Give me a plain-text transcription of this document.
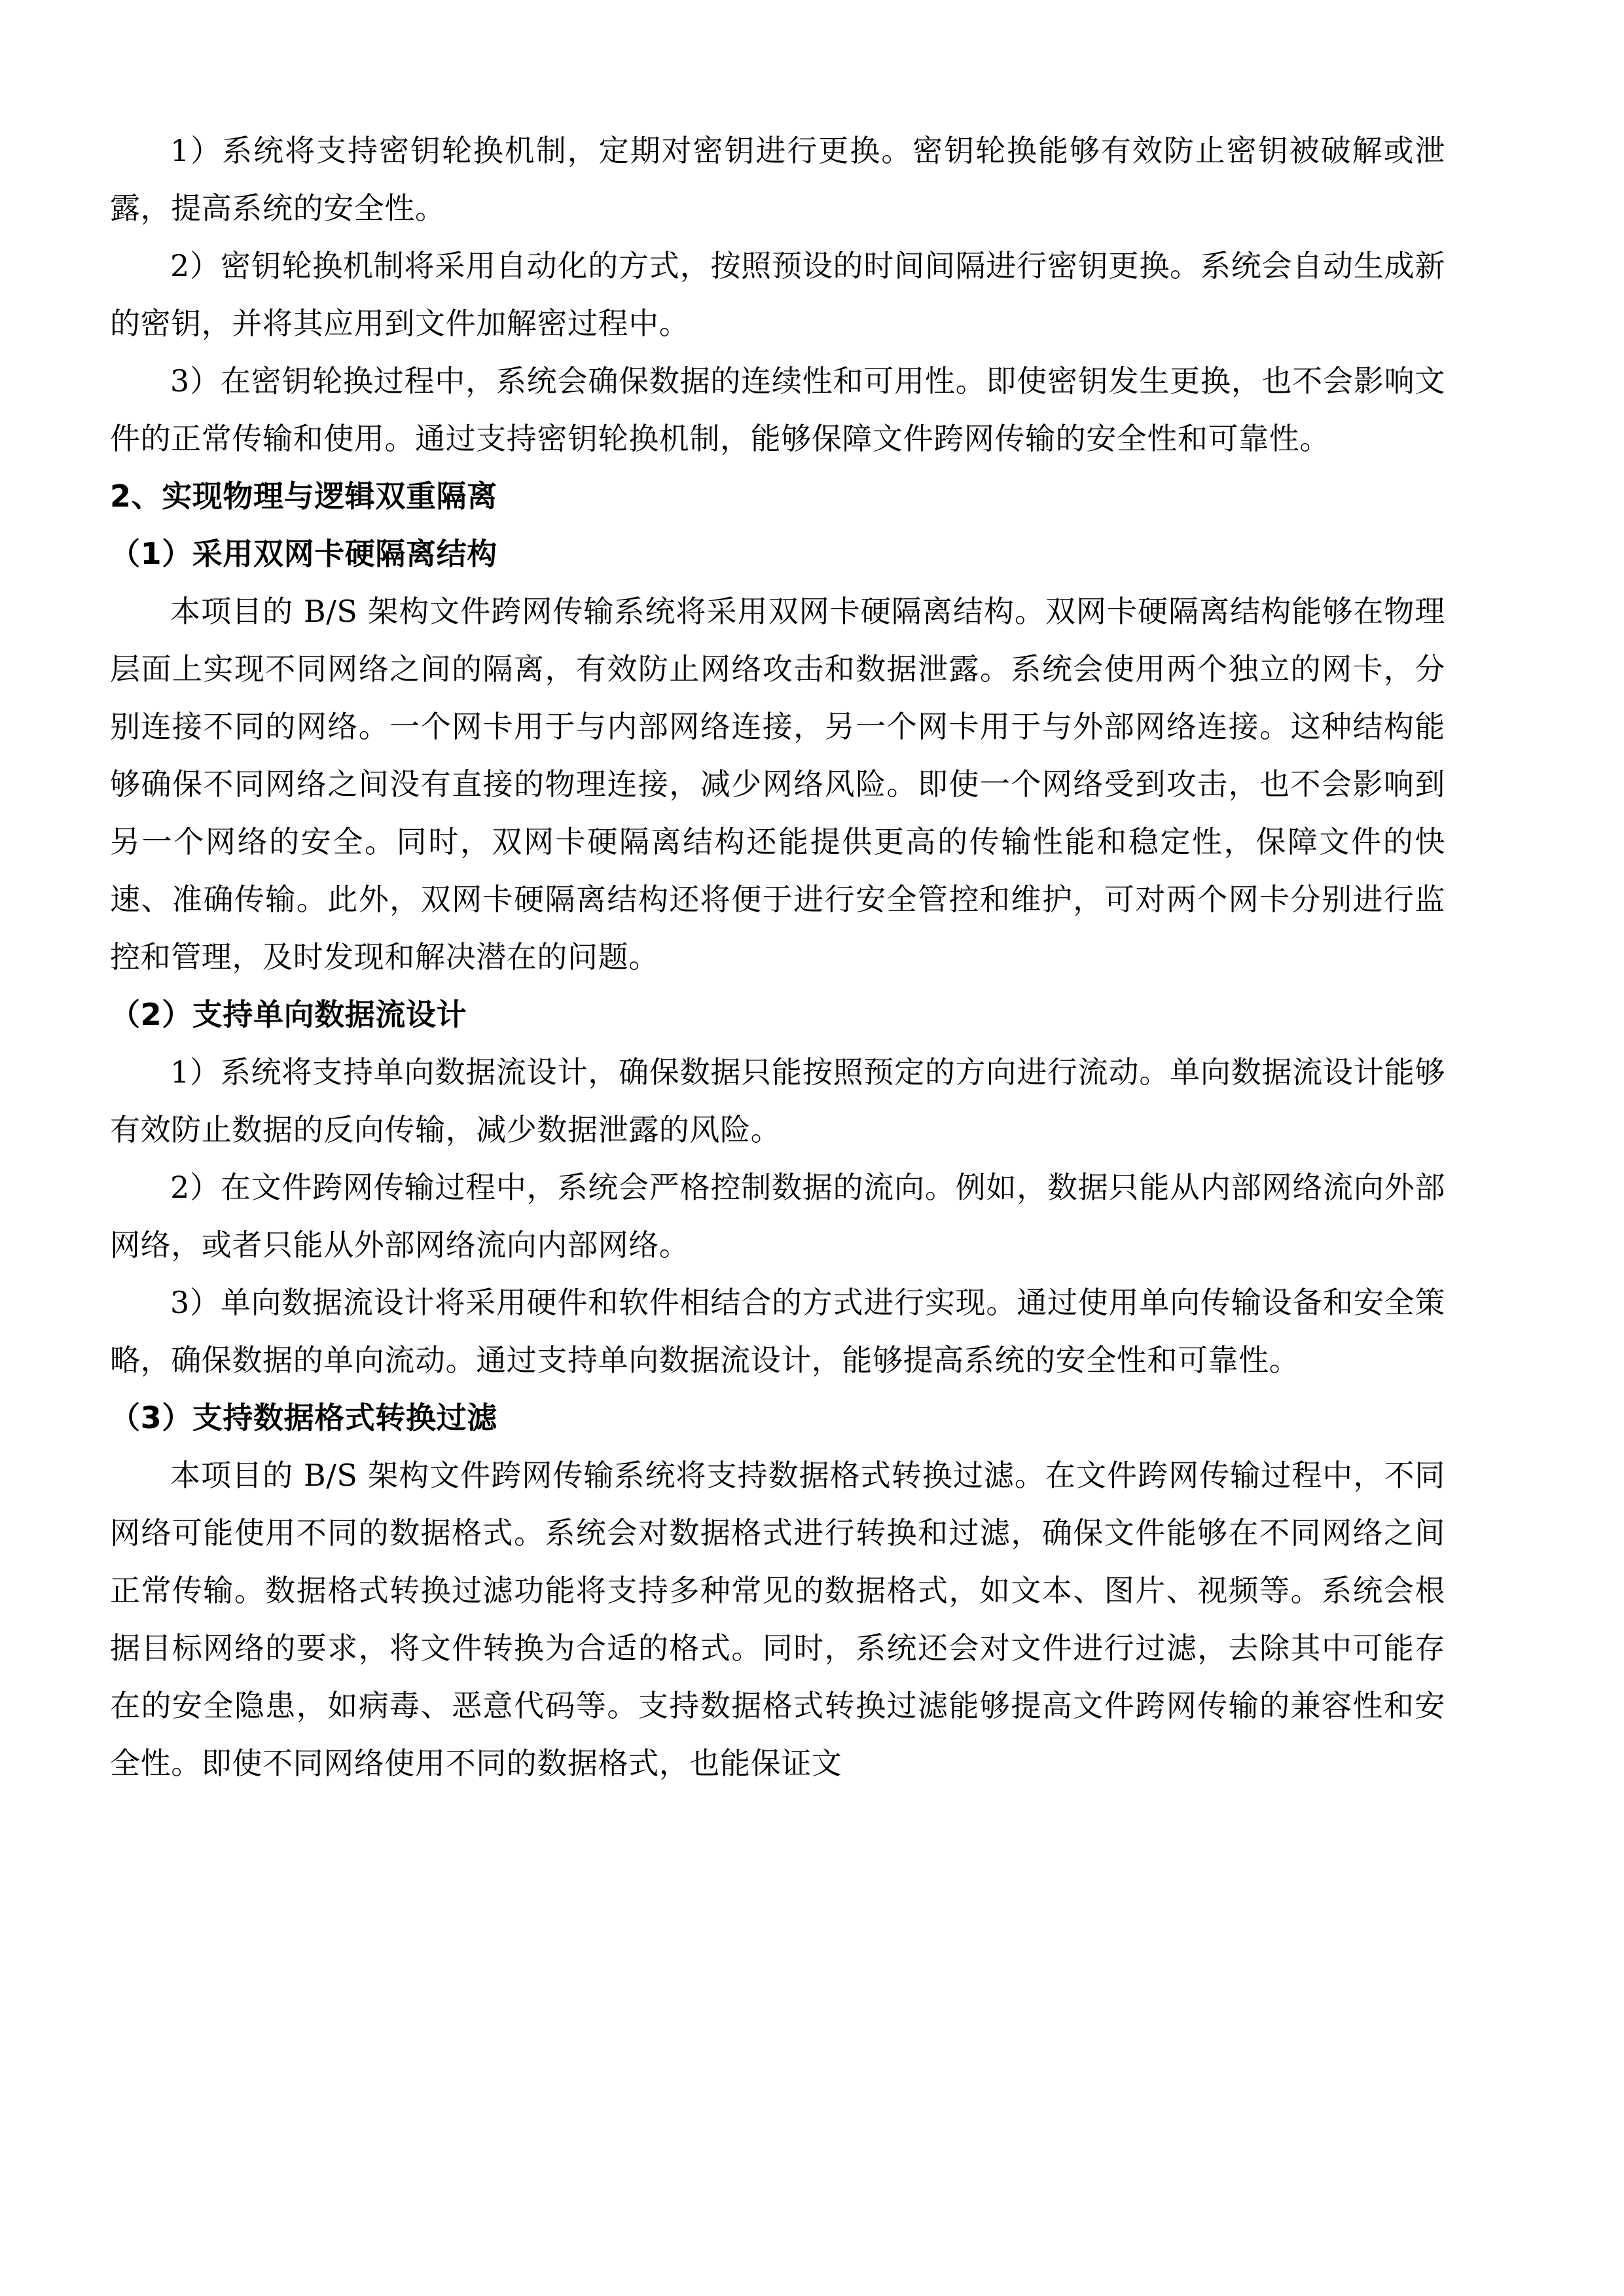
1）系统将支持密钥轮换机制，定期对密钥进行更换。密钥轮换能够有效防止密钥被破解或泄露，提高系统的安全性。

2）密钥轮换机制将采用自动化的方式，按照预设的时间间隔进行密钥更换。系统会自动生成新的密钥，并将其应用到文件加解密过程中。

3）在密钥轮换过程中，系统会确保数据的连续性和可用性。即使密钥发生更换，也不会影响文件的正常传输和使用。通过支持密钥轮换机制，能够保障文件跨网传输的安全性和可靠性。

2、实现物理与逻辑双重隔离

（1）采用双网卡硬隔离结构

本项目的 B/S 架构文件跨网传输系统将采用双网卡硬隔离结构。双网卡硬隔离结构能够在物理层面上实现不同网络之间的隔离，有效防止网络攻击和数据泄露。系统会使用两个独立的网卡，分别连接不同的网络。一个网卡用于与内部网络连接，另一个网卡用于与外部网络连接。这种结构能够确保不同网络之间没有直接的物理连接，减少网络风险。即使一个网络受到攻击，也不会影响到另一个网络的安全。同时，双网卡硬隔离结构还能提供更高的传输性能和稳定性，保障文件的快速、准确传输。此外，双网卡硬隔离结构还将便于进行安全管控和维护，可对两个网卡分别进行监控和管理，及时发现和解决潜在的问题。

（2）支持单向数据流设计

1）系统将支持单向数据流设计，确保数据只能按照预定的方向进行流动。单向数据流设计能够有效防止数据的反向传输，减少数据泄露的风险。

2）在文件跨网传输过程中，系统会严格控制数据的流向。例如，数据只能从内部网络流向外部网络，或者只能从外部网络流向内部网络。

3）单向数据流设计将采用硬件和软件相结合的方式进行实现。通过使用单向传输设备和安全策略，确保数据的单向流动。通过支持单向数据流设计，能够提高系统的安全性和可靠性。

（3）支持数据格式转换过滤

本项目的 B/S 架构文件跨网传输系统将支持数据格式转换过滤。在文件跨网传输过程中，不同网络可能使用不同的数据格式。系统会对数据格式进行转换和过滤，确保文件能够在不同网络之间正常传输。数据格式转换过滤功能将支持多种常见的数据格式，如文本、图片、视频等。系统会根据目标网络的要求，将文件转换为合适的格式。同时，系统还会对文件进行过滤，去除其中可能存在的安全隐患，如病毒、恶意代码等。支持数据格式转换过滤能够提高文件跨网传输的兼容性和安全性。即使不同网络使用不同的数据格式，也能保证文
